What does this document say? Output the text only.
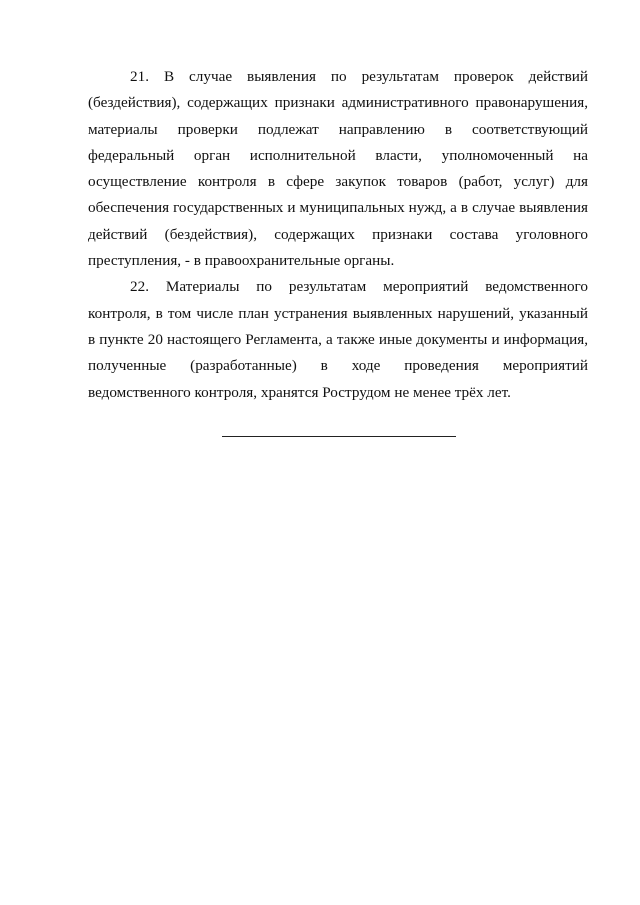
21. В случае выявления по результатам проверок действий (бездействия), содержащих признаки административного правонарушения, материалы проверки подлежат направлению в соответствующий федеральный орган исполнительной власти, уполномоченный на осуществление контроля в сфере закупок товаров (работ, услуг) для обеспечения государственных и муниципальных нужд, а в случае выявления действий (бездействия), содержащих признаки состава уголовного преступления, - в правоохранительные органы.

22. Материалы по результатам мероприятий ведомственного контроля, в том числе план устранения выявленных нарушений, указанный в пункте 20 настоящего Регламента, а также иные документы и информация, полученные (разработанные) в ходе проведения мероприятий ведомственного контроля, хранятся Рострудом не менее трёх лет.
